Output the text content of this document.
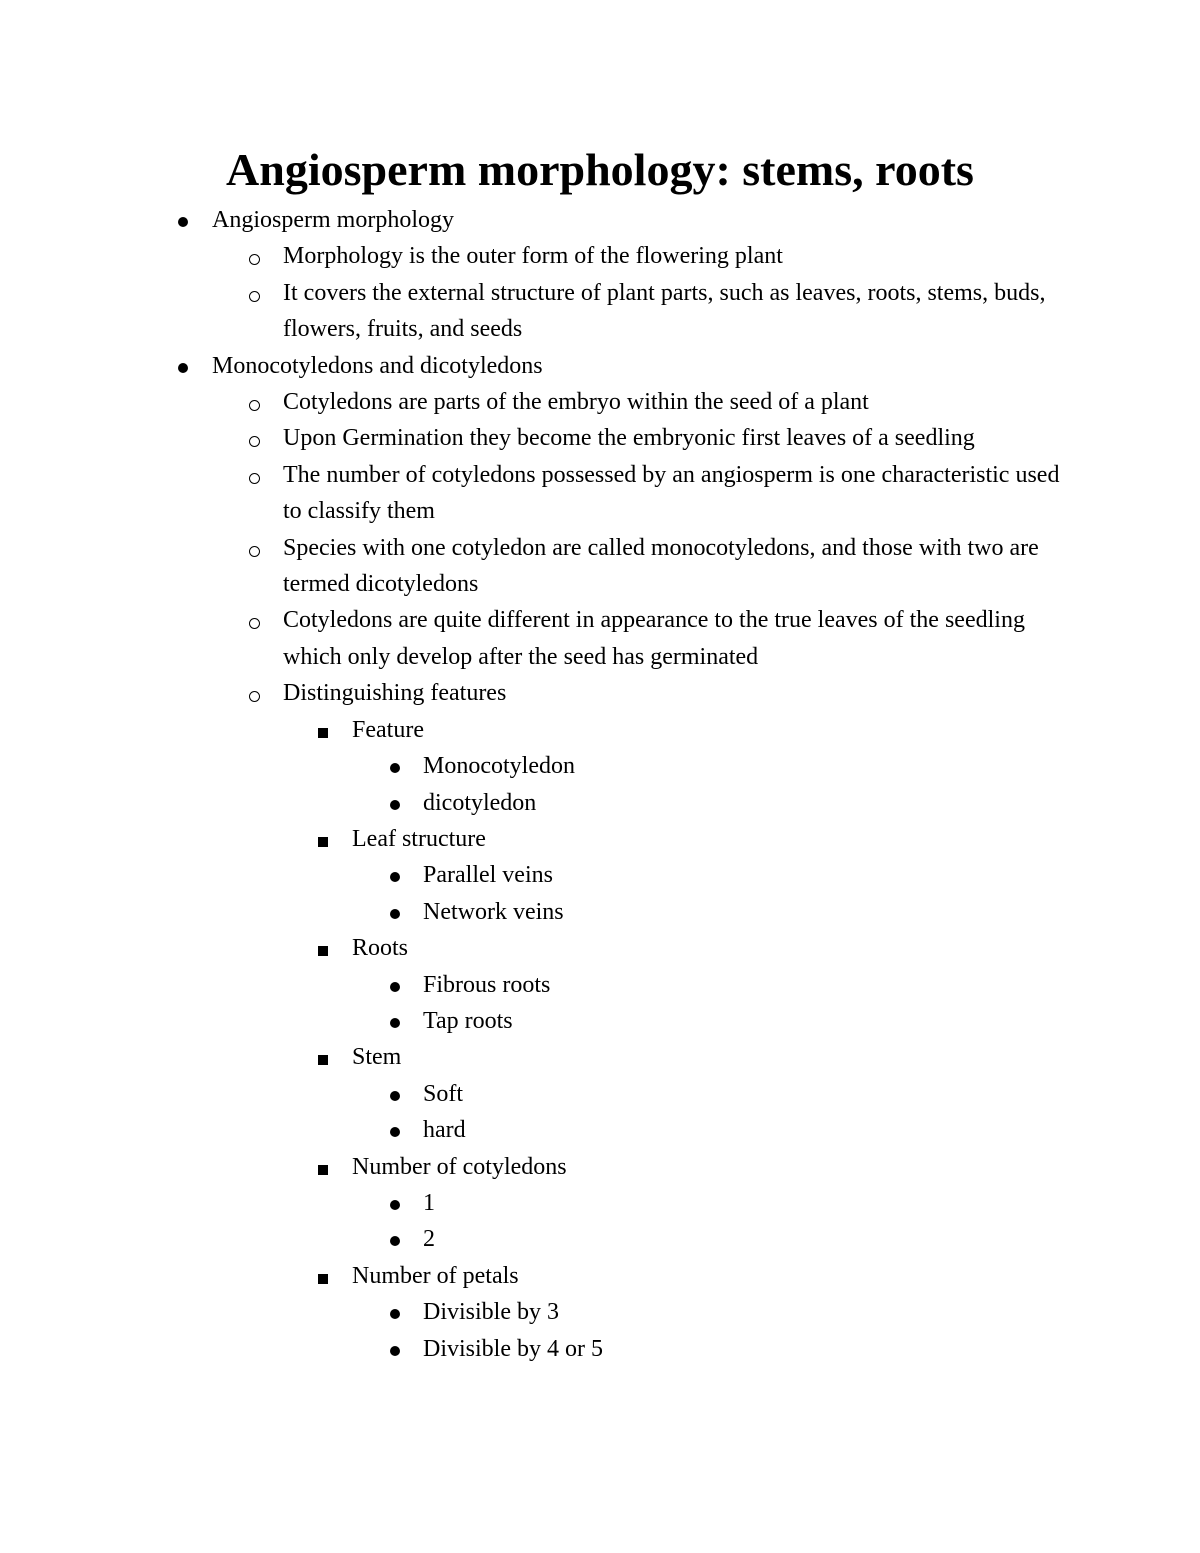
Angiosperm morphology: stems, roots
Angiosperm morphology
Morphology is the outer form of the flowering plant
It covers the external structure of plant parts, such as leaves, roots, stems, buds, flowers, fruits, and seeds
Monocotyledons and dicotyledons
Cotyledons are parts of the embryo within the seed of a plant
Upon Germination they become the embryonic first leaves of a seedling
The number of cotyledons possessed by an angiosperm is one characteristic used to classify them
Species with one cotyledon are called monocotyledons, and those with two are termed dicotyledons
Cotyledons are quite different in appearance to the true leaves of the seedling which only develop after the seed has germinated
Distinguishing features
Feature
Monocotyledon
dicotyledon
Leaf structure
Parallel veins
Network veins
Roots
Fibrous roots
Tap roots
Stem
Soft
hard
Number of cotyledons
1
2
Number of petals
Divisible by 3
Divisible by 4 or 5
